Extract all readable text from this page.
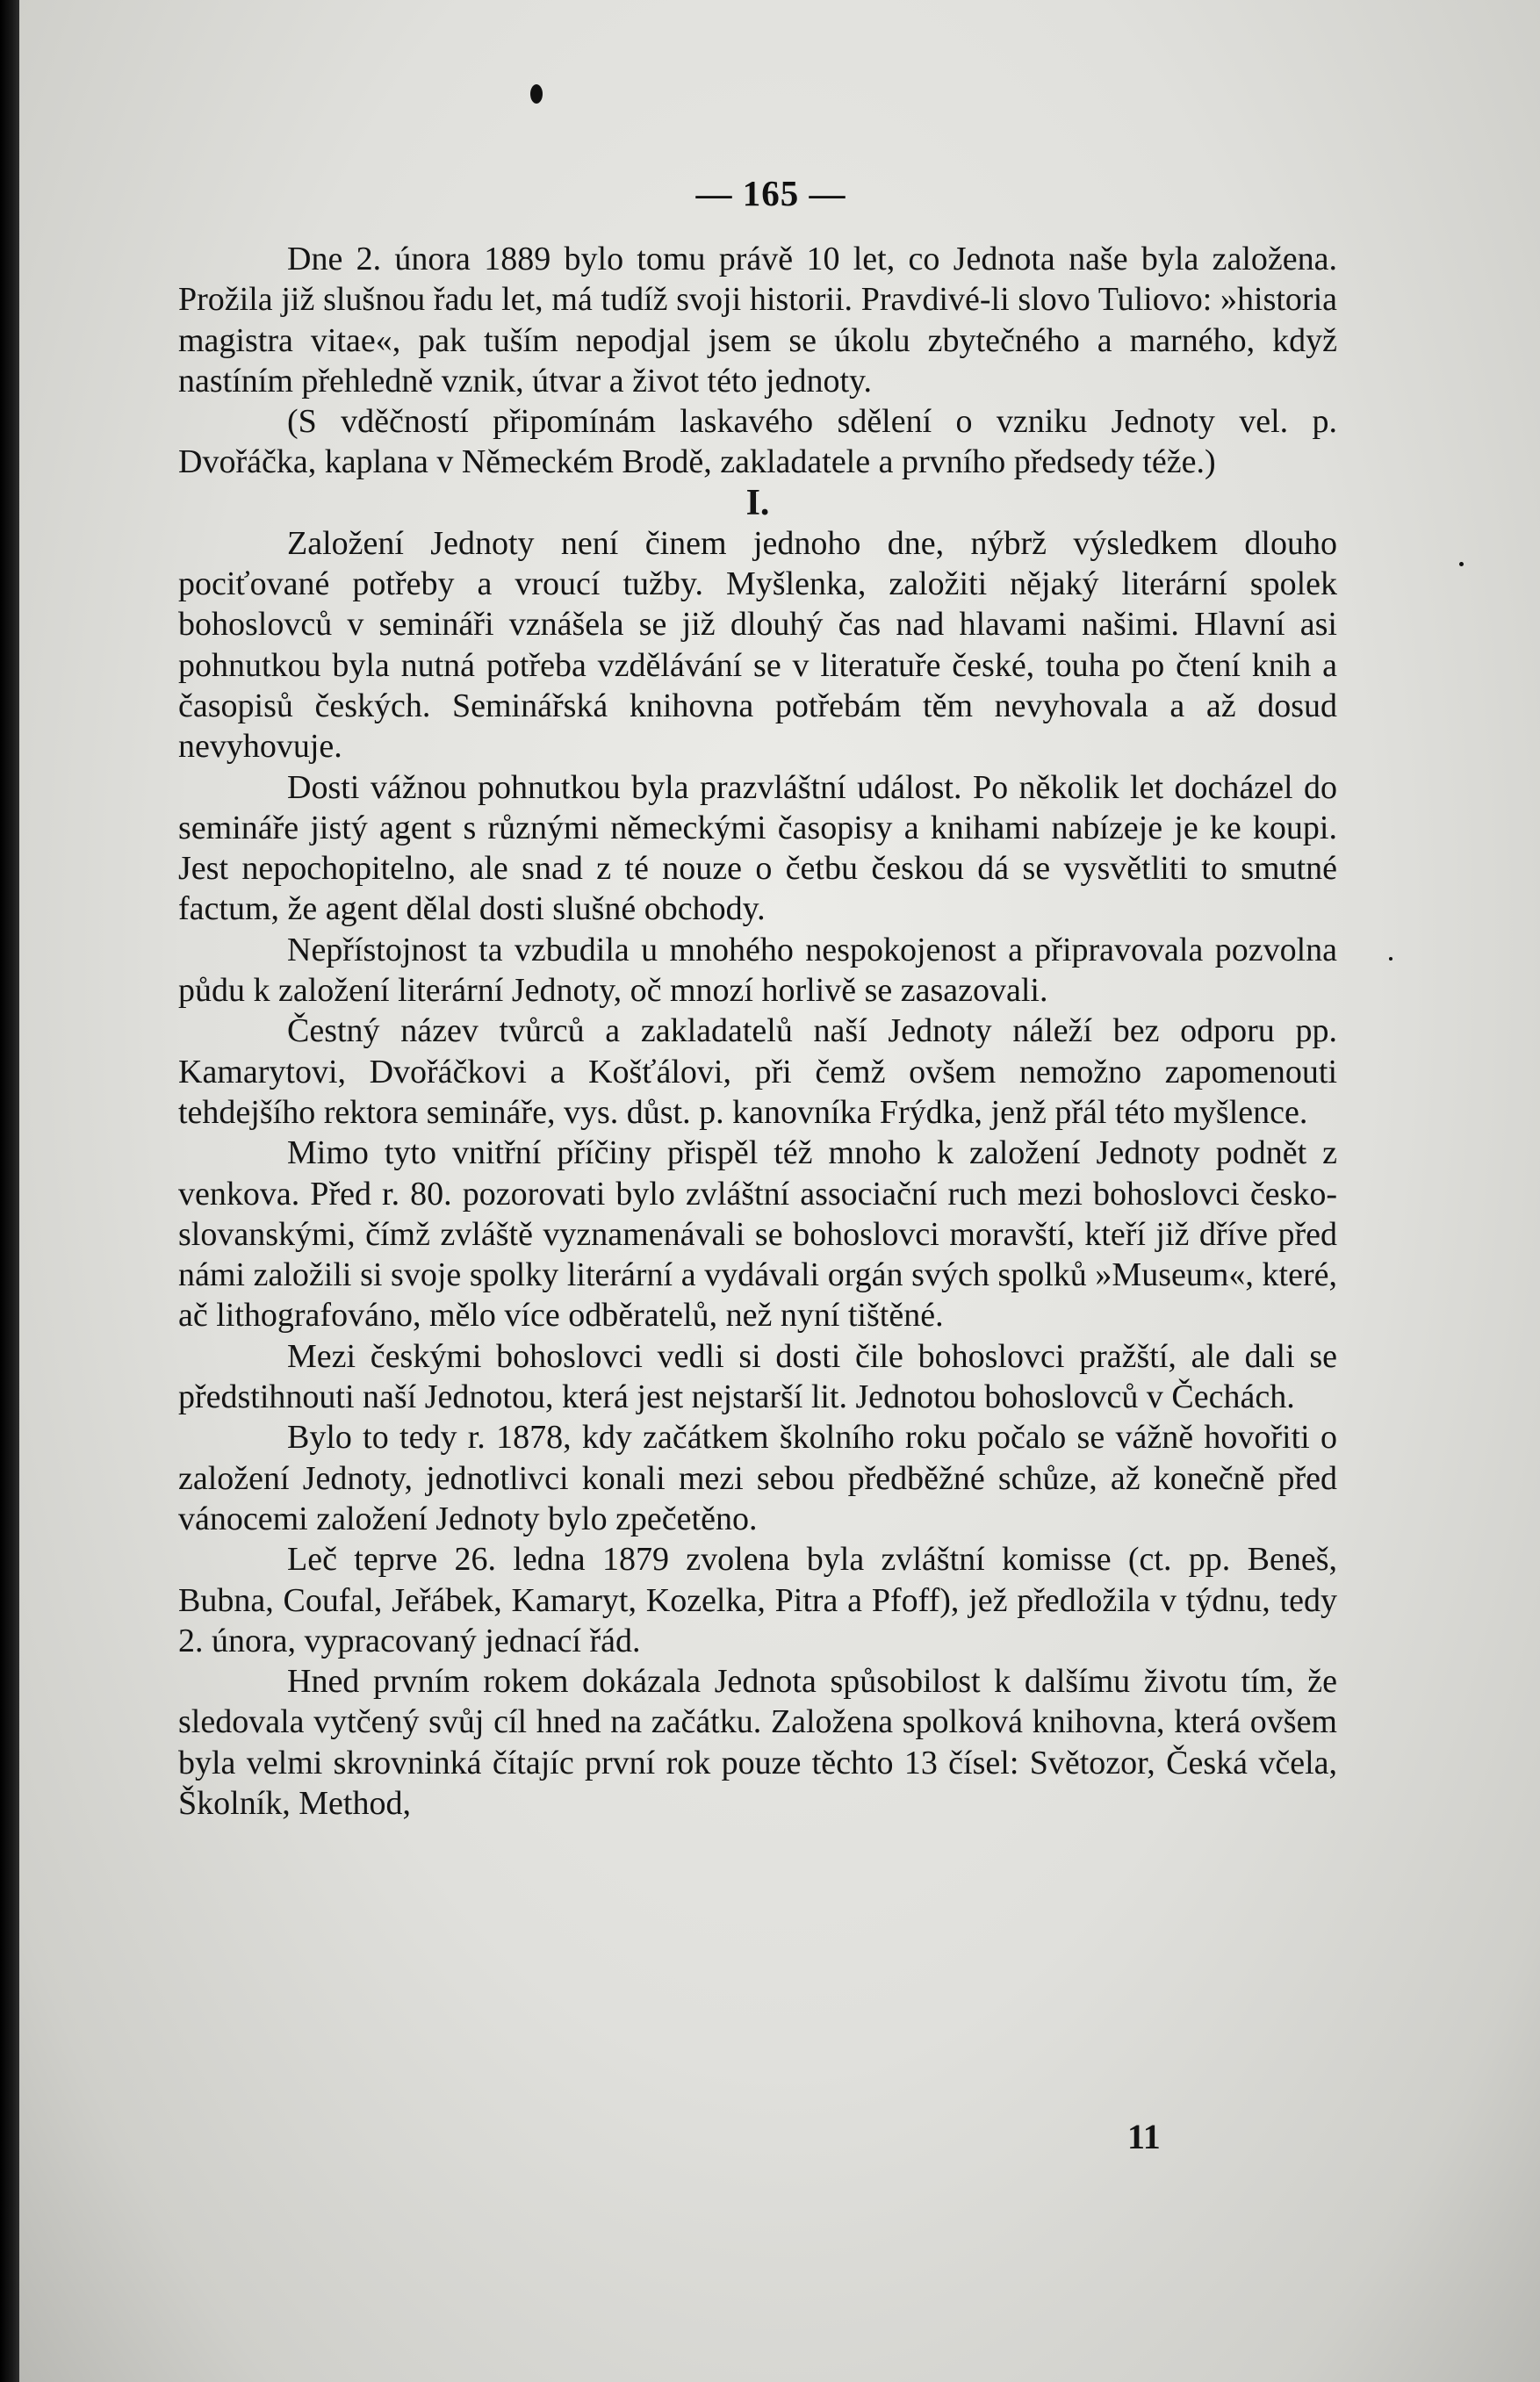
— 165 —

Dne 2. února 1889 bylo tomu právě 10 let, co Jednota naše byla založena. Prožila již slušnou řadu let, má tudíž svoji historii. Pravdivé-li slovo Tuliovo: »historia magistra vitae«, pak tuším nepodjal jsem se úkolu zbytečného a marného, když nastíním přehledně vznik, útvar a život této jednoty.

(S vděčností připomínám laskavého sdělení o vzniku Jednoty vel. p. Dvořáčka, kaplana v Německém Brodě, zakladatele a prvního předsedy téže.)

I.

Založení Jednoty není činem jednoho dne, nýbrž výsledkem dlouho pociťované potřeby a vroucí tužby. Myšlenka, založiti nějaký literární spolek bohoslovců v semináři vznášela se již dlouhý čas nad hlavami našimi. Hlavní asi pohnutkou byla nutná potřeba vzdělávání se v literatuře české, touha po čtení knih a časopisů českých. Seminářská knihovna potřebám těm nevyhovala a až dosud nevyhovuje.

Dosti vážnou pohnutkou byla prazvláštní událost. Po několik let docházel do semináře jistý agent s různými německými časopisy a knihami nabízeje je ke koupi. Jest nepochopitelno, ale snad z té nouze o četbu českou dá se vysvětliti to smutné factum, že agent dělal dosti slušné obchody.

Nepřístojnost ta vzbudila u mnohého nespokojenost a připravovala pozvolna půdu k založení literární Jednoty, oč mnozí horlivě se zasazovali.

Čestný název tvůrců a zakladatelů naší Jednoty náleží bez odporu pp. Kamarytovi, Dvořáčkovi a Košťálovi, při čemž ovšem nemožno zapomenouti tehdejšího rektora semináře, vys. důst. p. kanovníka Frýdka, jenž přál této myšlence.

Mimo tyto vnitřní příčiny přispěl též mnoho k založení Jednoty podnět z venkova. Před r. 80. pozorovati bylo zvláštní associační ruch mezi bohoslovci česko-slovanskými, čímž zvláště vyznamenávali se bohoslovci moravští, kteří již dříve před námi založili si svoje spolky literární a vydávali orgán svých spolků »Museum«, které, ač lithografováno, mělo více odběratelů, než nyní tištěné.

Mezi českými bohoslovci vedli si dosti čile bohoslovci pražští, ale dali se předstihnouti naší Jednotou, která jest nejstarší lit. Jednotou bohoslovců v Čechách.

Bylo to tedy r. 1878, kdy začátkem školního roku počalo se vážně hovořiti o založení Jednoty, jednotlivci konali mezi sebou předběžné schůze, až konečně před vánocemi založení Jednoty bylo zpečetěno.

Leč teprve 26. ledna 1879 zvolena byla zvláštní komisse (ct. pp. Beneš, Bubna, Coufal, Jeřábek, Kamaryt, Kozelka, Pitra a Pfoff), jež předložila v týdnu, tedy 2. února, vypracovaný jednací řád.

Hned prvním rokem dokázala Jednota spůsobilost k dalšímu životu tím, že sledovala vytčený svůj cíl hned na začátku. Založena spolková knihovna, která ovšem byla velmi skrovninká čítajíc první rok pouze těchto 13 čísel: Světozor, Česká včela, Školník, Method,

11
